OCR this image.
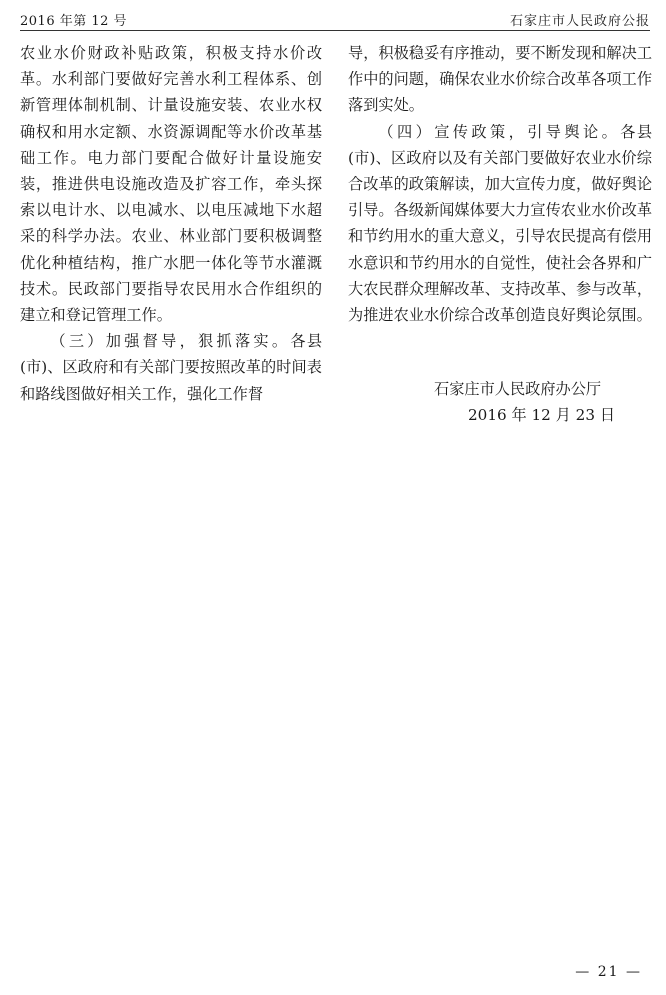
2016 年第 12 号	石家庄市人民政府公报

农业水价财政补贴政策，积极支持水价改革。水利部门要做好完善水利工程体系、创新管理体制机制、计量设施安装、农业水权确权和用水定额、水资源调配等水价改革基础工作。电力部门要配合做好计量设施安装，推进供电设施改造及扩容工作，牵头探索以电计水、以电减水、以电压减地下水超采的科学办法。农业、林业部门要积极调整优化种植结构，推广水肥一体化等节水灌溉技术。民政部门要指导农民用水合作组织的建立和登记管理工作。

（三）加强督导，狠抓落实。各县(市)、区政府和有关部门要按照改革的时间表和路线图做好相关工作，强化工作督

导，积极稳妥有序推动，要不断发现和解决工作中的问题，确保农业水价综合改革各项工作落到实处。

（四）宣传政策，引导舆论。各县(市)、区政府以及有关部门要做好农业水价综合改革的政策解读，加大宣传力度，做好舆论引导。各级新闻媒体要大力宣传农业水价改革和节约用水的重大意义，引导农民提高有偿用水意识和节约用水的自觉性，使社会各界和广大农民群众理解改革、支持改革、参与改革，为推进农业水价综合改革创造良好舆论氛围。

石家庄市人民政府办公厅
2016 年 12 月 23 日
— 21 —
